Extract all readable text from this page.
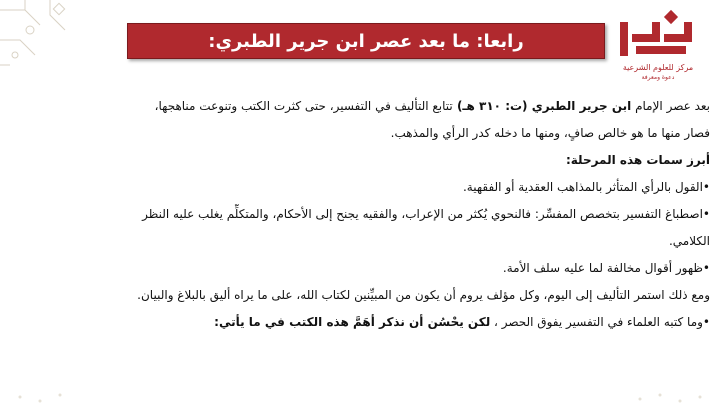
رابعا: ما بعد عصر ابن جرير الطبري:
مركز للعلوم الشرعية
دعوة ومعرفة
بعد عصر الإمام ابن جرير الطبري (ت: ٣١٠ هـ) تتابع التأليف في التفسير، حتى كثرت الكتب وتنوعت مناهجها،
فصار منها ما هو خالص صافٍ، ومنها ما دخله كدر الرأي والمذهب.
أبرز سمات هذه المرحلة:
•القول بالرأي المتأثر بالمذاهب العقدية أو الفقهية.
•اصطباغ التفسير بتخصص المفسِّر: فالنحوي يُكثر من الإعراب، والفقيه يجنح إلى الأحكام، والمتكلِّم يغلب عليه النظر
الكلامي.
•ظهور أقوال مخالفة لما عليه سلف الأمة.
ومع ذلك استمر التأليف إلى اليوم، وكل مؤلف يروم أن يكون من المبيِّنين لكتاب الله، على ما يراه أليق بالبلاغ والبيان.
•وما كتبه العلماء في التفسير يفوق الحصر ، لكن يحْسُن أن نذكر أهَمَّ هذه الكتب في ما يأتي:
